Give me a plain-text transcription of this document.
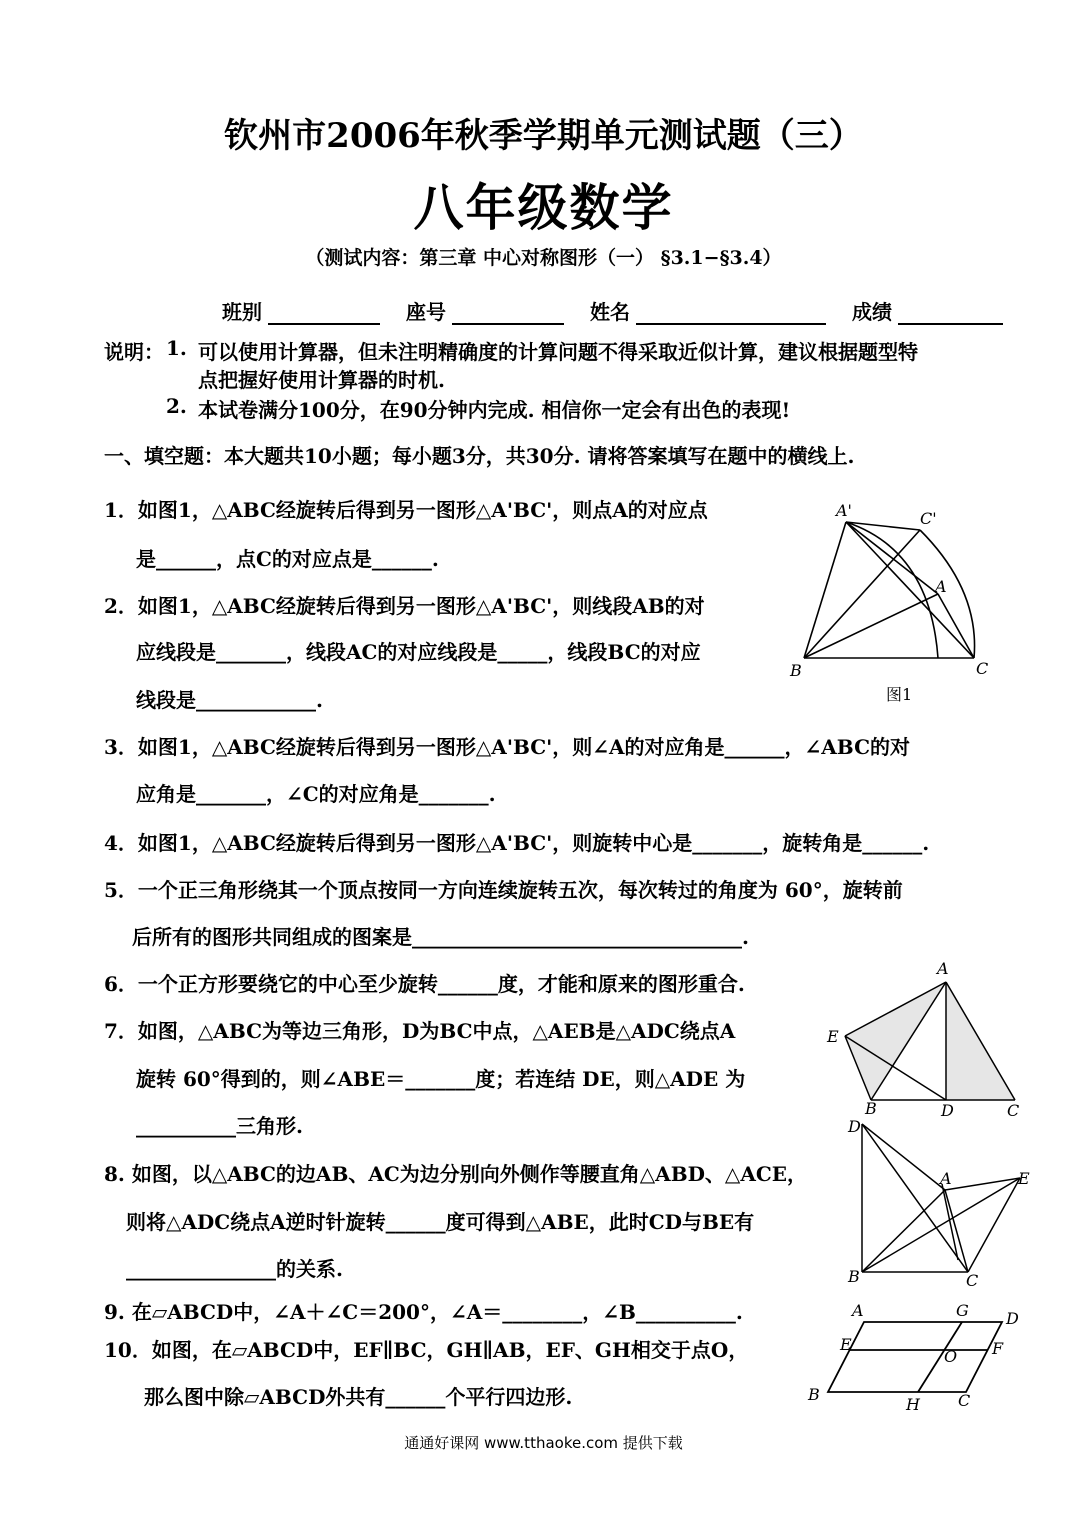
钦州市2006年秋季学期单元测试题（三）
八年级数学
（测试内容：第三章 中心对称图形（一） §3.1−§3.4）
班别	座号	姓名	成绩
说明： 1. 可以使用计算器，但未注明精确度的计算问题不得采取近似计算，建议根据题型特
点把握好使用计算器的时机.
2. 本试卷满分100分，在90分钟内完成. 相信你一定会有出色的表现!
一、填空题：本大题共10小题；每小题3分，共30分. 请将答案填写在题中的横线上.
1．如图1，△ABC经旋转后得到另一图形△A'BC'，则点A的对应点
是______，点C的对应点是______.
2．如图1，△ABC经旋转后得到另一图形△A'BC'，则线段AB的对
应线段是_______，线段AC的对应线段是_____，线段BC的对应
线段是____________.
3．如图1，△ABC经旋转后得到另一图形△A'BC'，则∠A的对应角是______，∠ABC的对
应角是_______，∠C的对应角是_______.
4．如图1，△ABC经旋转后得到另一图形△A'BC'，则旋转中心是_______，旋转角是______.
5．一个正三角形绕其一个顶点按同一方向连续旋转五次，每次转过的角度为 60°，旋转前
后所有的图形共同组成的图案是_________________________________.
6．一个正方形要绕它的中心至少旋转______度，才能和原来的图形重合.
7．如图，△ABC为等边三角形，D为BC中点，△AEB是△ADC绕点A
旋转 60°得到的，则∠ABE＝_______度；若连结 DE，则△ADE 为
__________三角形.
8. 如图，以△ABC的边AB、AC为边分别向外侧作等腰直角△ABD、△ACE，
则将△ADC绕点A逆时针旋转______度可得到△ABE，此时CD与BE有
_______________的关系.
9. 在▱ABCD中，∠A＋∠C＝200°，∠A＝________，∠B__________.
10．如图，在▱ABCD中，EF∥BC，GH∥AB，EF、GH相交于点O，
那么图中除▱ABCD外共有______个平行四边形.
A'	C'
A
B	C
图1
A
E
B	D	C
D
A	E
B	C
A	G D
E
O F
B
H C
通通好课网 www.tthaoke.com 提供下载
